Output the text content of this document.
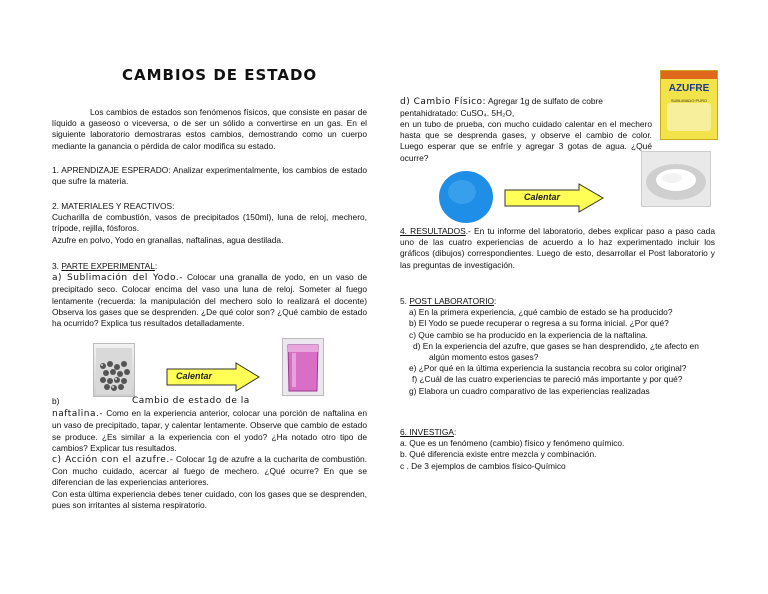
CAMBIOS DE ESTADO

Los cambios de estados son fenómenos físicos, que consiste en pasar de líquido a gaseoso o viceversa, o de ser un sólido a convertirse en un gas. En el siguiente laboratorio demostraras estos cambios, demostrando como un cuerpo mediante la ganancia o pérdida de calor modifica su estado.

1. APRENDIZAJE ESPERADO: Analizar experimentalmente, los cambios de estado que sufre la materia.

2. MATERIALES Y REACTIVOS:

Cucharilla de combustión, vasos de precipitados (150ml), luna de reloj, mechero, trípode, rejilla, fósforos.

Azufre en polvo, Yodo en granallas, naftalinas, agua destilada.

3. PARTE EXPERIMENTAL:

a) Sublimación del Yodo.- Colocar una granalla de yodo, en un vaso de precipitado seco. Colocar encima del vaso una luna de reloj. Someter al fuego lentamente (recuerda: la manipulación del mechero solo lo realizará el docente) Observa los gases que se desprenden. ¿De qué color son? ¿Qué cambio de estado ha ocurrido? Explica tus resultados detalladamente.

Calentar
b)	Cambio de estado de la

naftalina.- Como en la experiencia anterior, colocar una porción de naftalina en un vaso de precipitado, tapar, y calentar lentamente. Observe que cambio de estado se produce. ¿Es similar a la experiencia con el yodo? ¿Ha notado otro tipo de cambios? Explicar tus resultados.

c) Acción con el azufre.- Colocar 1g de azufre a la cucharita de combustión. Con mucho cuidado, acercar al fuego de mechero. ¿Qué ocurre? En que se diferencian de las experiencias anteriores.

Con esta última experiencia debes tener cuidado, con los gases que se desprenden, pues son irritantes al sistema respiratorio.

d) Cambio Físico: Agregar 1g de sulfato de cobre

pentahidratado: CuSO₄. 5H₂O,

en un tubo de prueba, con mucho cuidado calentar en el mechero hasta que se desprenda gases, y observe el cambio de color. Luego esperar que se enfríe y agregar 3 gotas de agua. ¿Qué ocurre?

AZUFRE
SUBLIMADO PURO
Calentar

4. RESULTADOS.- En tu informe del laboratorio, debes explicar paso a paso cada uno de las cuatro experiencias de acuerdo a lo haz experimentado incluir los gráficos (dibujos) correspondientes. Luego de esto, desarrollar el Post laboratorio y las preguntas de investigación.

5. POST LABORATORIO:
a) En la primera experiencia, ¿qué cambio de estado se ha producido?
b) El Yodo se puede recuperar o regresa a su forma inicial. ¿Por qué?
c) Que cambio se ha producido en la experiencia de la naftalina.
d) En la experiencia del azufre, que gases se han desprendido, ¿te afecto en
algún momento estos gases?
e) ¿Por qué en la última experiencia la sustancia recobra su color original?
f) ¿Cuál de las cuatro experiencias te pareció más importante y por qué?
g) Elabora un cuadro comparativo de las experiencias realizadas
6. INVESTIGA:
a. Que es un fenómeno (cambio) físico y fenómeno químico.
b. Qué diferencia existe entre mezcla y combinación.
c . De 3 ejemplos de cambios físico-Químico
